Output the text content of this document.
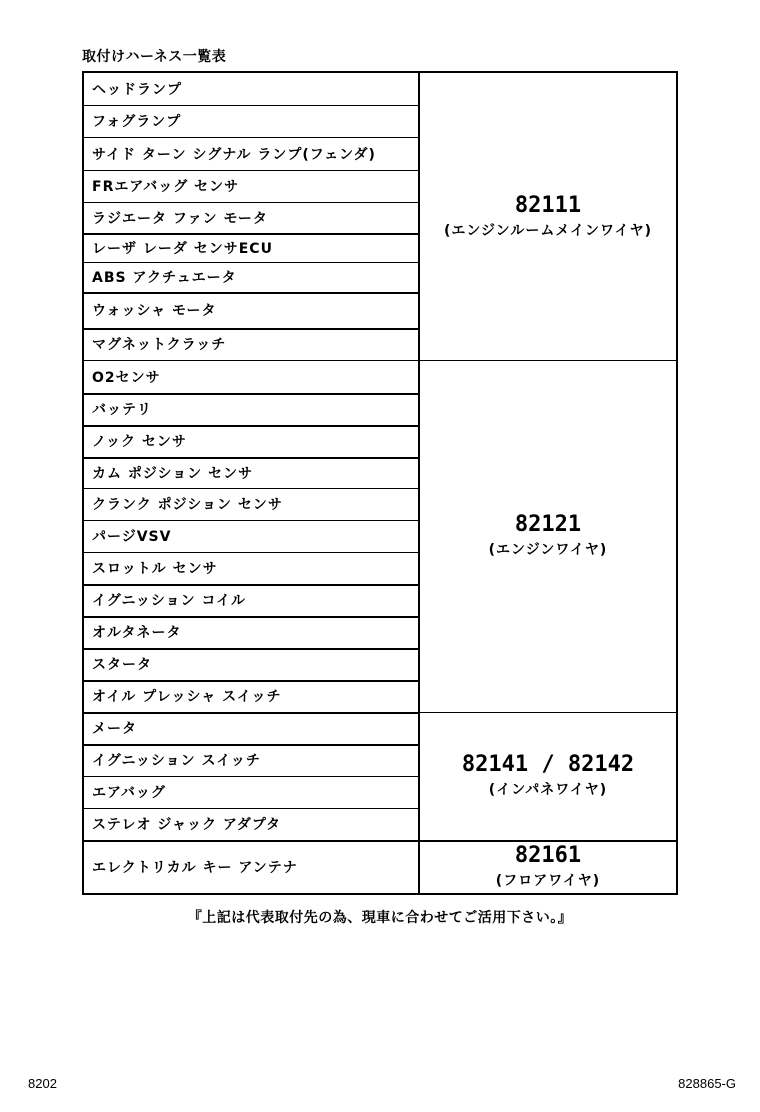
取付けハーネス一覧表
ヘッドランプ
フォグランプ
サイド ターン シグナル ランプ(フェンダ)
FRエアバッグ センサ
ラジエータ ファン モータ
レーザ レーダ センサECU
ABS アクチュエータ
ウォッシャ モータ
マグネットクラッチ
O2センサ
バッテリ
ノック センサ
カム ポジション センサ
クランク ポジション センサ
パージVSV
スロットル センサ
イグニッション コイル
オルタネータ
スタータ
オイル プレッシャ スイッチ
メータ
イグニッション スイッチ
エアバッグ
ステレオ ジャック アダプタ
エレクトリカル キー アンテナ
82111
(エンジンルームメインワイヤ)
82121
(エンジンワイヤ)
82141 / 82142
(インパネワイヤ)
82161
(フロアワイヤ)
『上記は代表取付先の為、現車に合わせてご活用下さい。』
8202	828865-G
